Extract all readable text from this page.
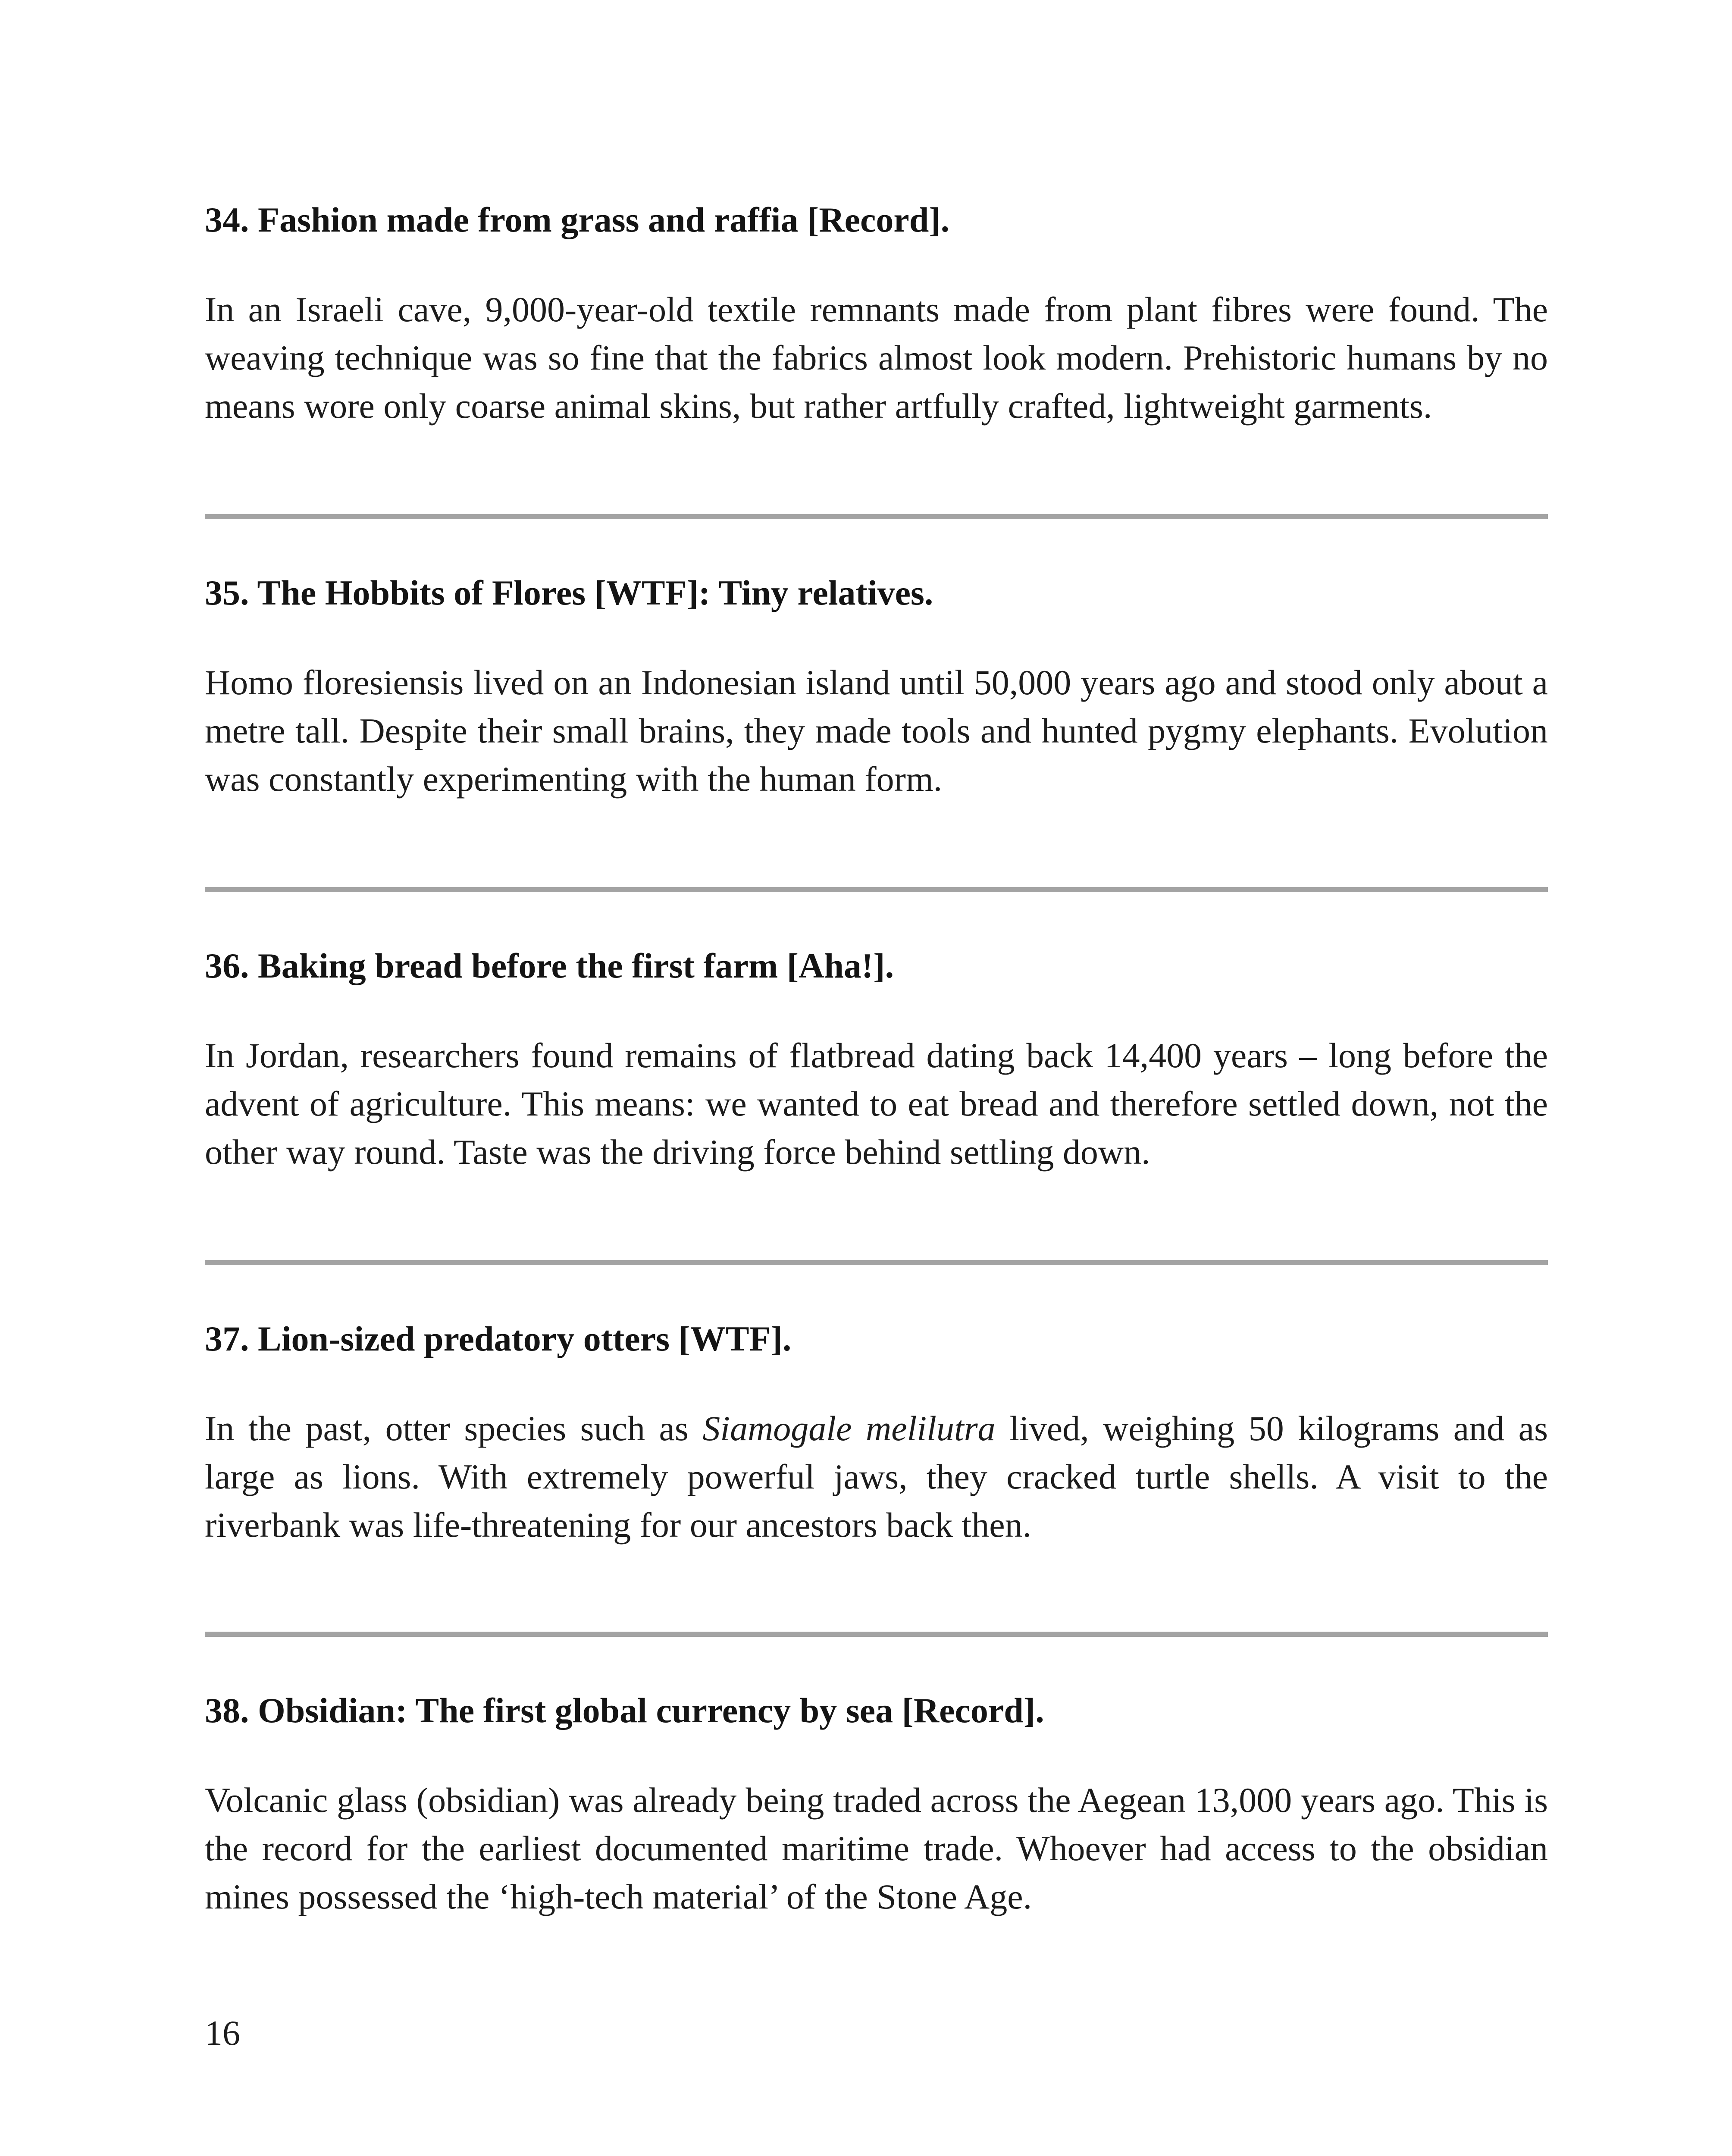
34. Fashion made from grass and raffia [Record].

In an Israeli cave, 9,000-year-old textile remnants made from plant fibres were found. The weaving technique was so fine that the fabrics almost look modern. Prehistoric humans by no means wore only coarse animal skins, but rather artfully crafted, lightweight garments.

35. The Hobbits of Flores [WTF]: Tiny relatives.

Homo floresiensis lived on an Indonesian island until 50,000 years ago and stood only about a metre tall. Despite their small brains, they made tools and hunted pygmy elephants. Evolution was constantly experimenting with the human form.

36. Baking bread before the first farm [Aha!].

In Jordan, researchers found remains of flatbread dating back 14,400 years – long before the advent of agriculture. This means: we wanted to eat bread and therefore settled down, not the other way round. Taste was the driving force behind settling down.

37. Lion-sized predatory otters [WTF].

In the past, otter species such as Siamogale melilutra lived, weighing 50 kilograms and as large as lions. With extremely powerful jaws, they cracked turtle shells. A visit to the riverbank was life-threatening for our ancestors back then.

38. Obsidian: The first global currency by sea [Record].

Volcanic glass (obsidian) was already being traded across the Aegean 13,000 years ago. This is the record for the earliest documented maritime trade. Whoever had access to the obsidian mines possessed the ‘high-tech material’ of the Stone Age.

16
